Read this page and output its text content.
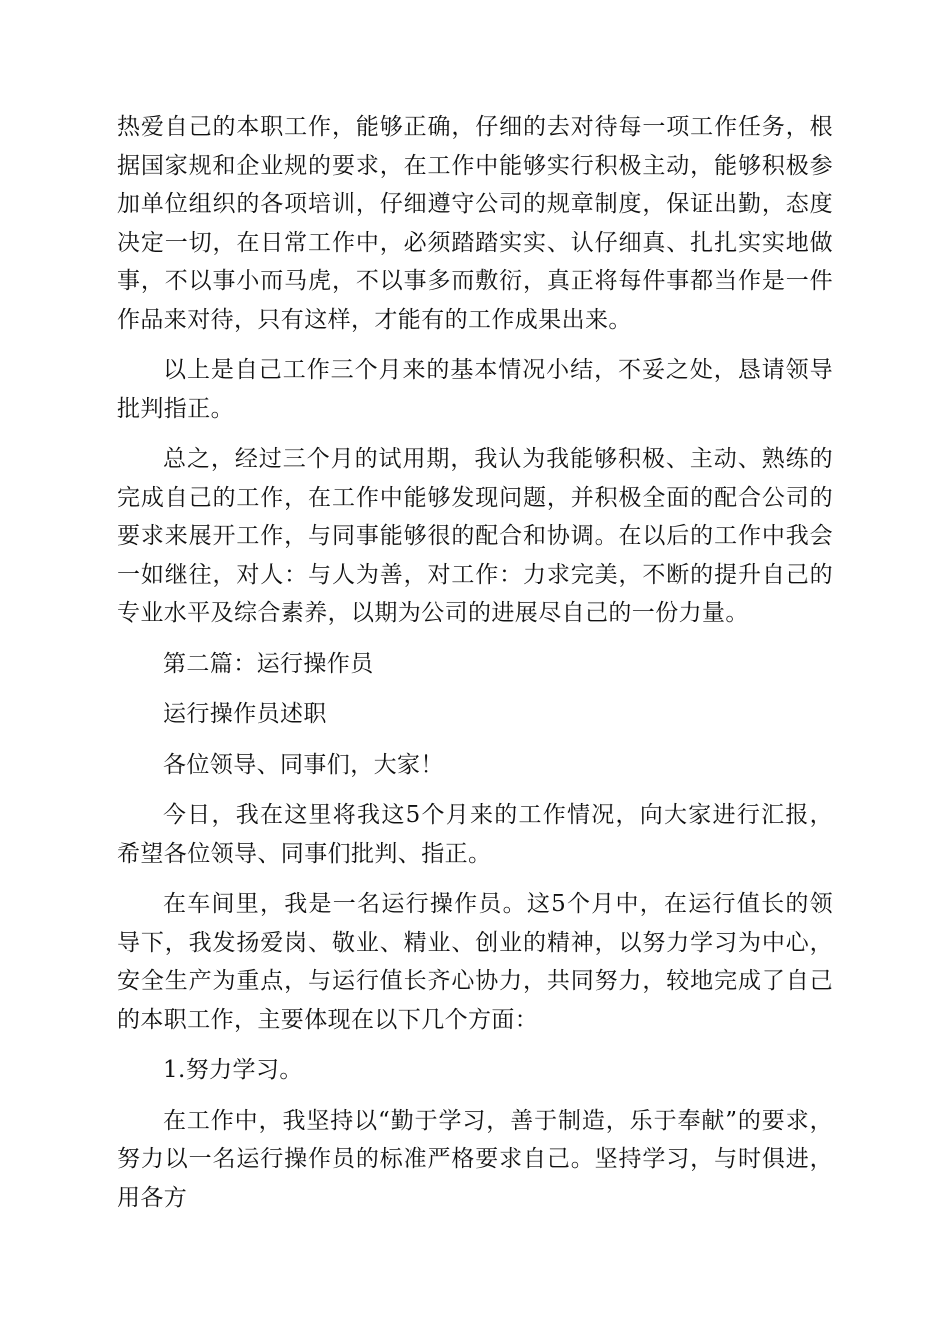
热爱自己的本职工作，能够正确，仔细的去对待每一项工作任务，根据国家规和企业规的要求，在工作中能够实行积极主动，能够积极参加单位组织的各项培训，仔细遵守公司的规章制度，保证出勤，态度决定一切，在日常工作中，必须踏踏实实、认仔细真、扎扎实实地做事，不以事小而马虎，不以事多而敷衍，真正将每件事都当作是一件作品来对待，只有这样，才能有的工作成果出来。

以上是自己工作三个月来的基本情况小结，不妥之处，恳请领导批判指正。

总之，经过三个月的试用期，我认为我能够积极、主动、熟练的完成自己的工作，在工作中能够发现问题，并积极全面的配合公司的要求来展开工作，与同事能够很的配合和协调。在以后的工作中我会一如继往，对人：与人为善，对工作：力求完美，不断的提升自己的专业水平及综合素养，以期为公司的进展尽自己的一份力量。

第二篇：运行操作员

运行操作员述职

各位领导、同事们，大家！

今日，我在这里将我这5个月来的工作情况，向大家进行汇报，希望各位领导、同事们批判、指正。

在车间里，我是一名运行操作员。这5个月中，在运行值长的领导下，我发扬爱岗、敬业、精业、创业的精神，以努力学习为中心，安全生产为重点，与运行值长齐心协力，共同努力，较地完成了自己的本职工作，主要体现在以下几个方面：

1.努力学习。

在工作中，我坚持以“勤于学习，善于制造，乐于奉献”的要求，努力以一名运行操作员的标准严格要求自己。坚持学习，与时俱进，用各方
